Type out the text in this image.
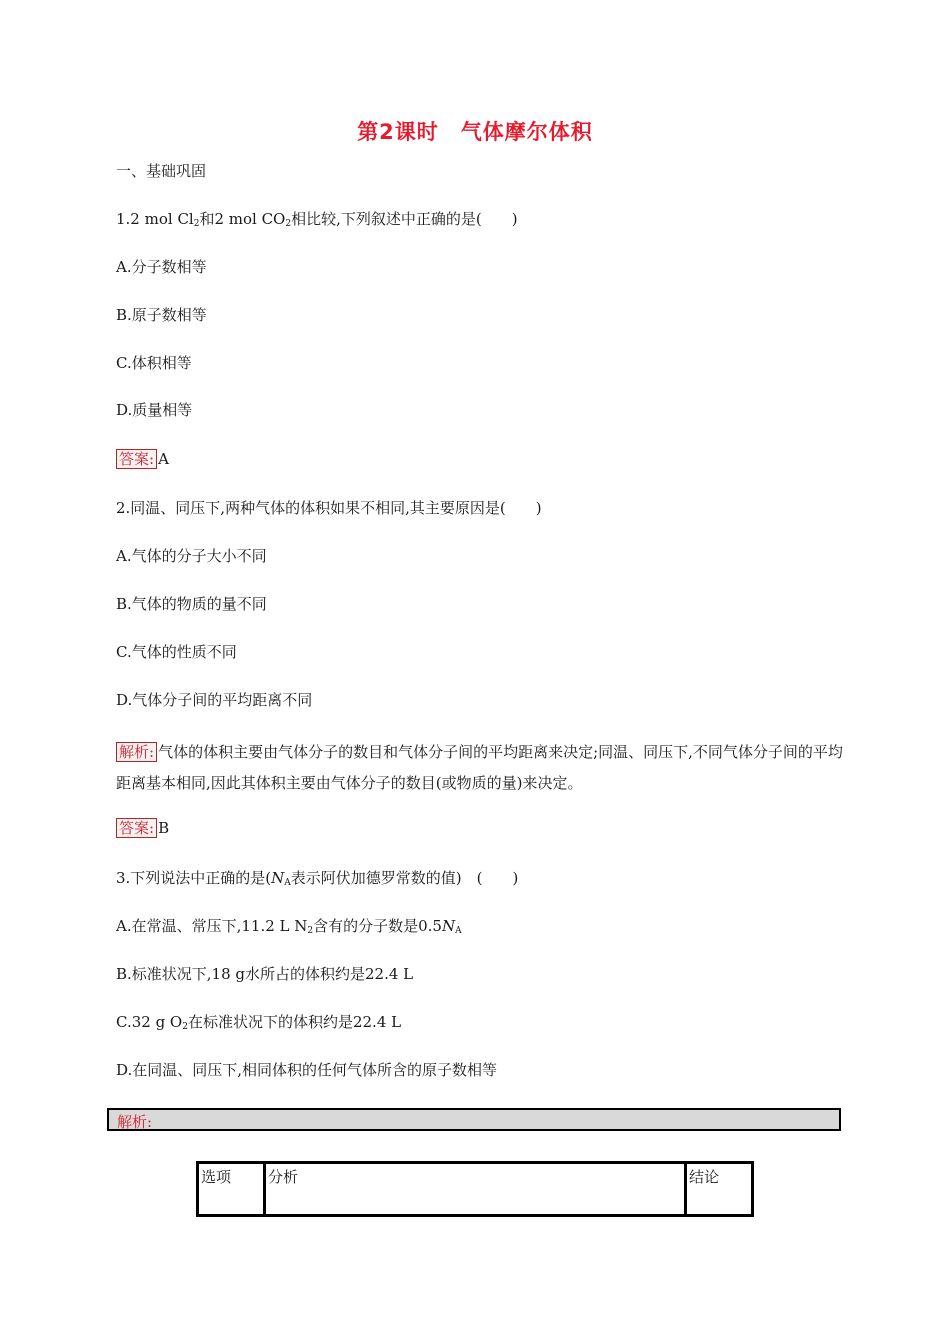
第2课时　气体摩尔体积
一、基础巩固
1.2 mol $Cl_2$和2 mol $CO_2$相比较,下列叙述中正确的是(　　)
A.分子数相等
B.原子数相等
C.体积相等
D.质量相等
答案: A
2.同温、同压下,两种气体的体积如果不相同,其主要原因是(　　)
A.气体的分子大小不同
B.气体的物质的量不同
C.气体的性质不同
D.气体分子间的平均距离不同
解析: 气体的体积主要由气体分子的数目和气体分子间的平均距离来决定;同温、同压下,不同气体分子间的平均距离基本相同,因此其体积主要由气体分子的数目(或物质的量)来决定。
答案: B
3.下列说法中正确的是($N_A$表示阿伏加德罗常数的值)　(　　)
A.在常温、常压下,11.2 L $N_2$含有的分子数是$0.5N_A$
B.标准状况下,18 g水所占的体积约是22.4 L
C.32 g $O_2$在标准状况下的体积约是22.4 L
D.在同温、同压下,相同体积的任何气体所含的原子数相等
解析:
选项	分析	结论
